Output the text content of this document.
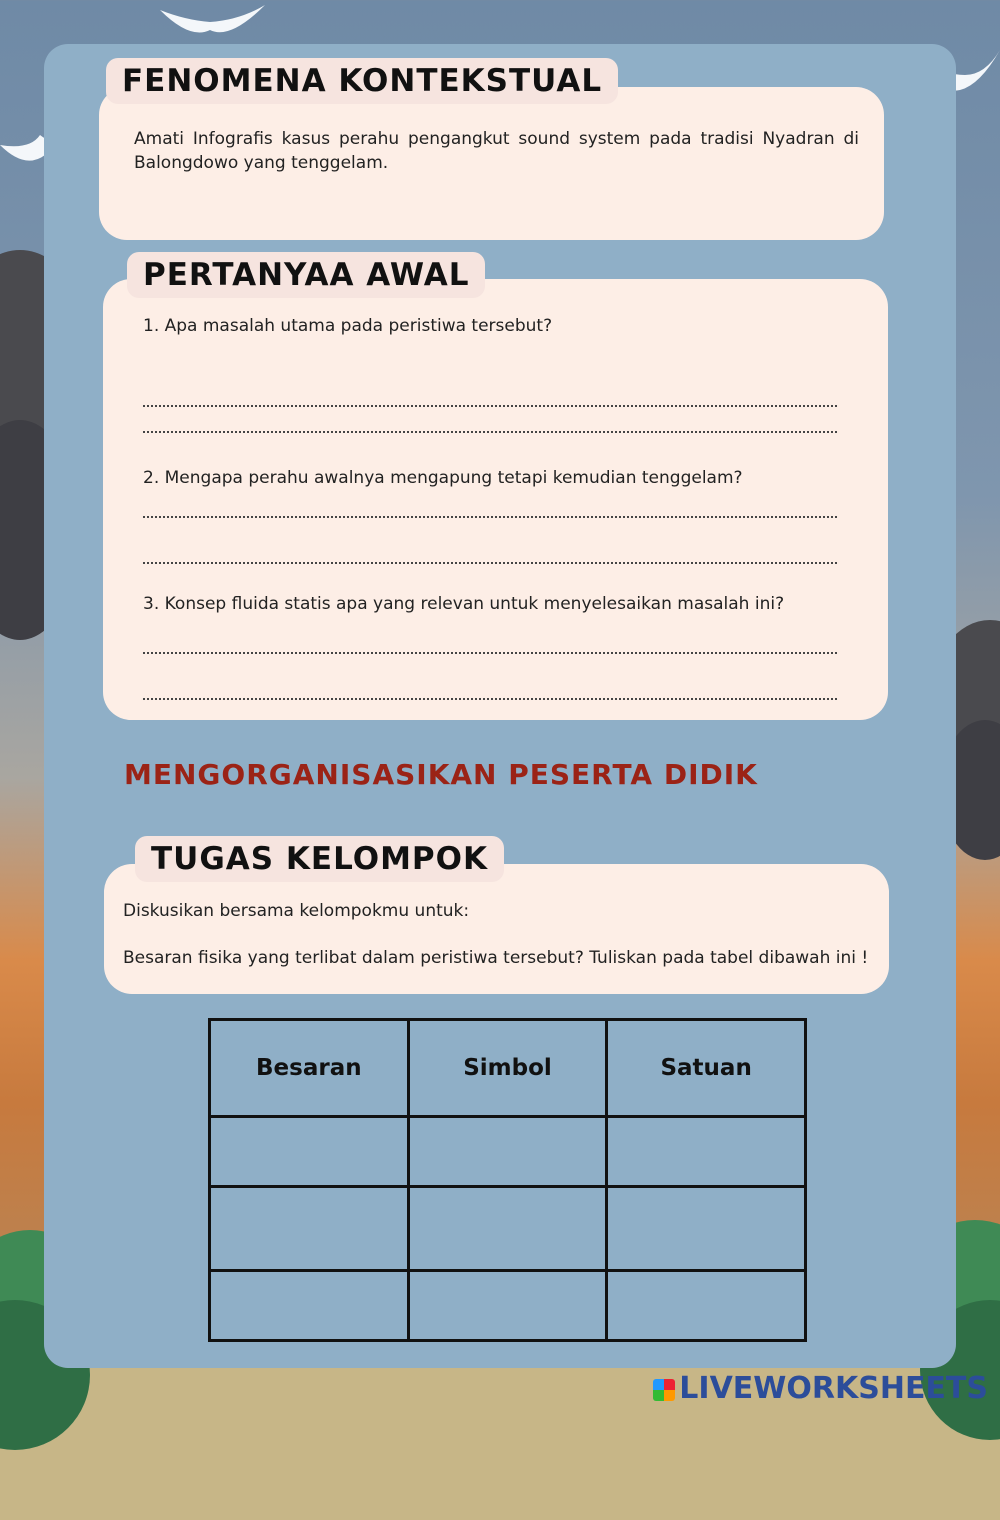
FENOMENA KONTEKSTUAL
Amati Infografis kasus perahu pengangkut sound system pada tradisi Nyadran di Balongdowo yang tenggelam.
PERTANYAA AWAL
1. Apa masalah utama pada peristiwa tersebut?
2. Mengapa perahu awalnya mengapung tetapi kemudian tenggelam?
3. Konsep fluida statis apa yang relevan untuk menyelesaikan masalah ini?
MENGORGANISASIKAN PESERTA DIDIK
TUGAS KELOMPOK
Diskusikan bersama kelompokmu untuk:
Besaran fisika yang terlibat dalam peristiwa tersebut? Tuliskan pada tabel dibawah ini !
Besaran	Simbol	Satuan

LIVEWORKSHEETS
